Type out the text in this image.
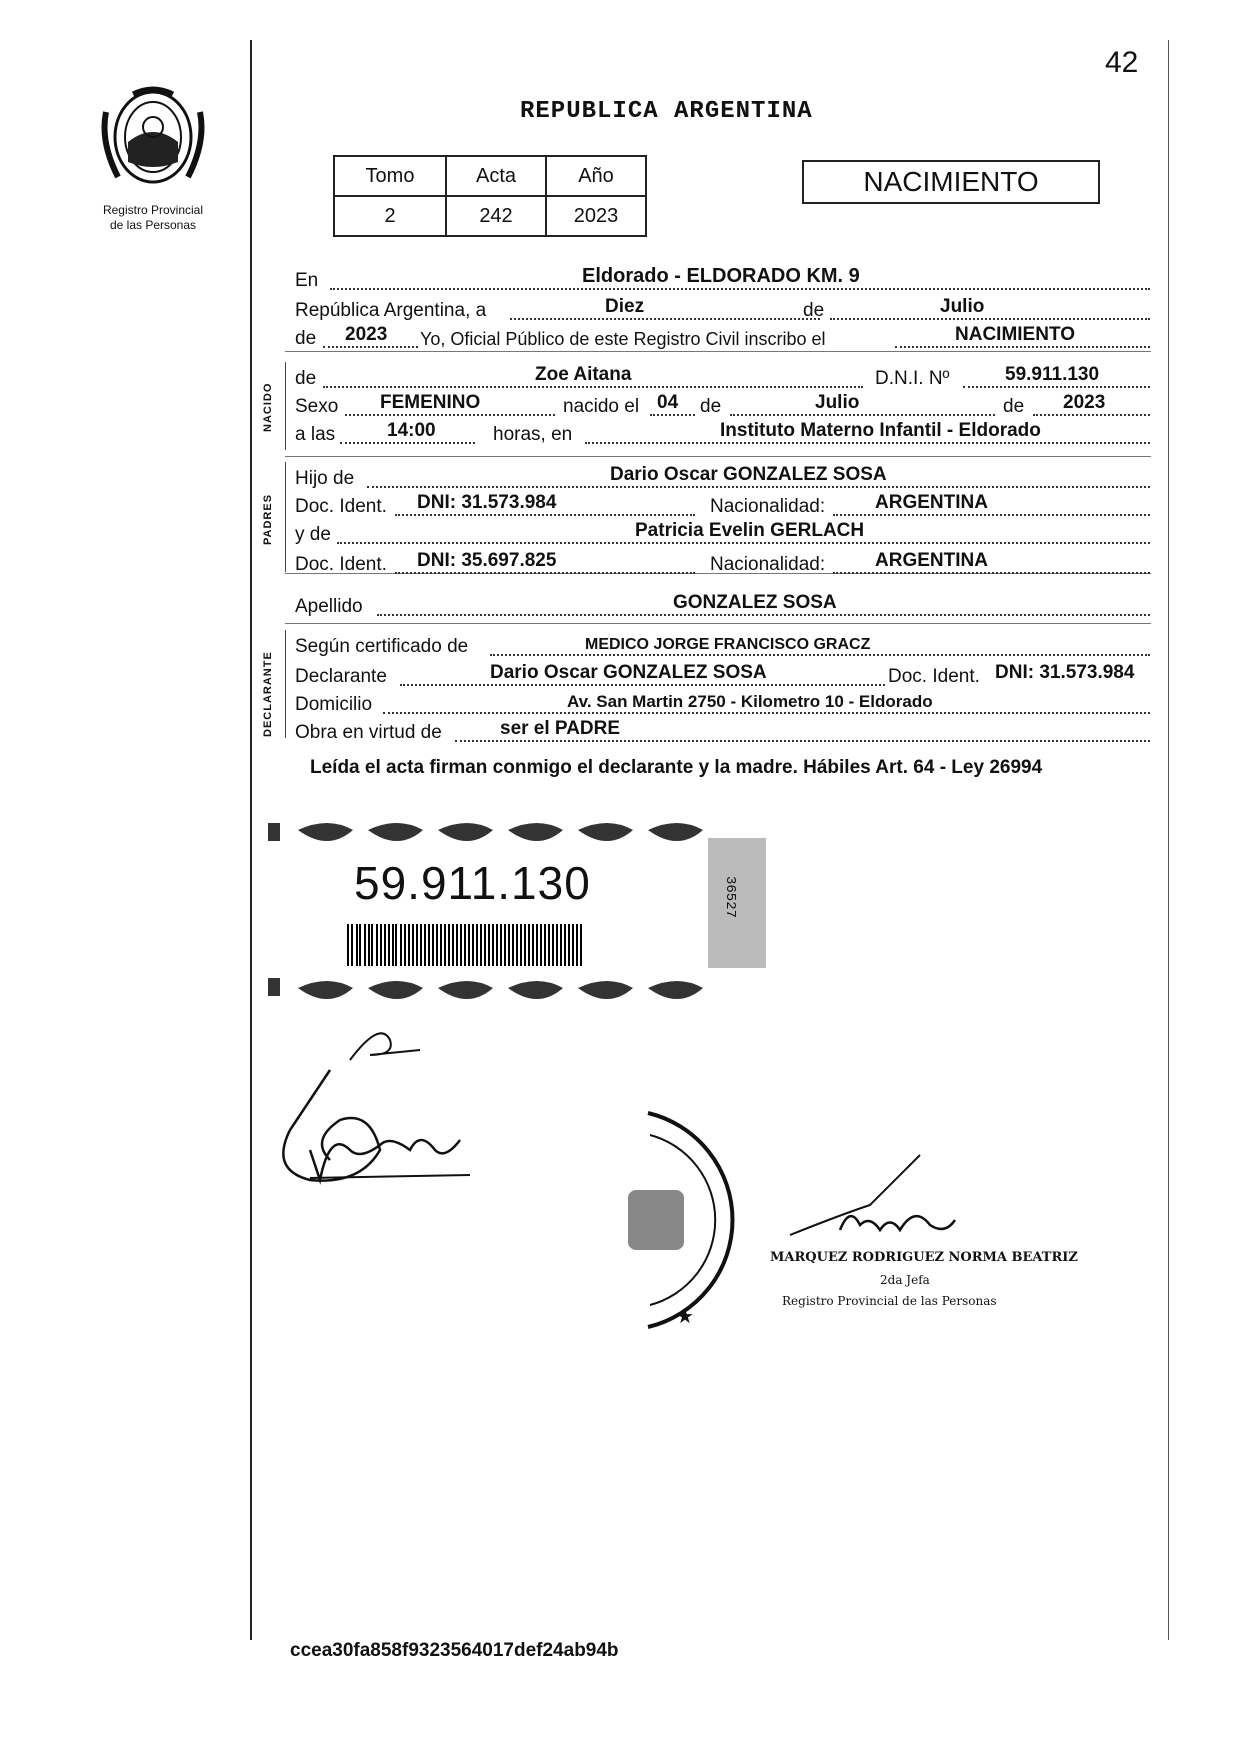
42
Registro Provincial
de las Personas
REPUBLICA ARGENTINA
Tomo	Acta	Año
2	242	2023
NACIMIENTO
NACIDO
PADRES
DECLARANTE
En	Eldorado - ELDORADO KM. 9
República Argentina, a	Diez	de	Julio
de 2023 Yo, Oficial Público de este Registro Civil inscribo el	NACIMIENTO
de	Zoe Aitana	D.N.I. Nº	59.911.130
Sexo FEMENINO	nacido el 04 de	Julio	de 2023
a las	14:00	horas, en	Instituto Materno Infantil - Eldorado
Hijo de	Dario Oscar GONZALEZ SOSA
Doc. Ident. DNI: 31.573.984	Nacionalidad:	ARGENTINA
y de	Patricia Evelin GERLACH
Doc. Ident. DNI: 35.697.825	Nacionalidad:	ARGENTINA
Apellido	GONZALEZ SOSA
Según certificado de	MEDICO JORGE FRANCISCO GRACZ
Declarante	Dario Oscar GONZALEZ SOSA	Doc. Ident. DNI: 31.573.984
Domicilio	Av. San Martin 2750 - Kilometro 10 - Eldorado
Obra en virtud de	ser el PADRE
Leída el acta firman conmigo el declarante y la madre. Hábiles Art. 64 - Ley 26994
59.911.130	36527
★
MARQUEZ RODRIGUEZ NORMA BEATRIZ
2da Jefa
Registro Provincial de las Personas
ccea30fa858f9323564017def24ab94b
